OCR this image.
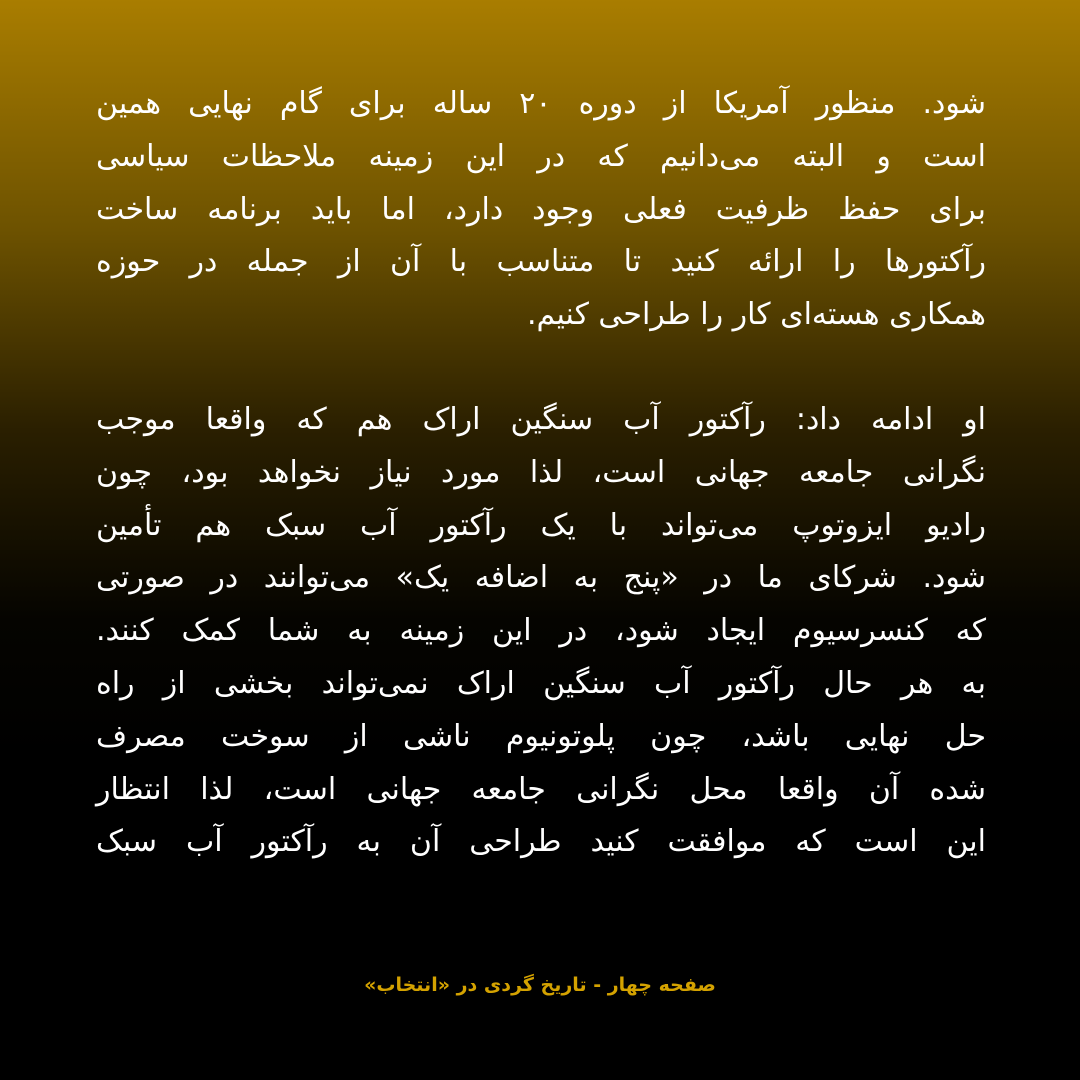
شود. منظور آمریکا از دوره ۲۰ ساله برای گام نهایی همین
است و البته می‌دانیم که در این زمینه ملاحظات سیاسی
برای حفظ ظرفیت فعلی وجود دارد، اما باید برنامه ساخت
رآکتورها را ارائه کنید تا متناسب با آن از جمله در حوزه
همکاری هسته‌ای کار را طراحی کنیم.

او ادامه داد: رآکتور آب سنگین اراک هم که واقعا موجب
نگرانی جامعه جهانی است، لذا مورد نیاز نخواهد بود، چون
رادیو ایزوتوپ می‌تواند با یک رآکتور آب سبک هم تأمین
شود. شرکای ما در «پنج به اضافه یک» می‌توانند در صورتی
که کنسرسیوم ایجاد شود، در این زمینه به شما کمک کنند.
به هر حال رآکتور آب سنگین اراک نمی‌تواند بخشی از راه
حل نهایی باشد، چون پلوتونیوم ناشی از سوخت مصرف
شده آن واقعا محل نگرانی جامعه جهانی است، لذا انتظار
این است که موافقت کنید طراحی آن به رآکتور آب سبک

صفحه چهار - تاریخ گردی در «انتخاب»
